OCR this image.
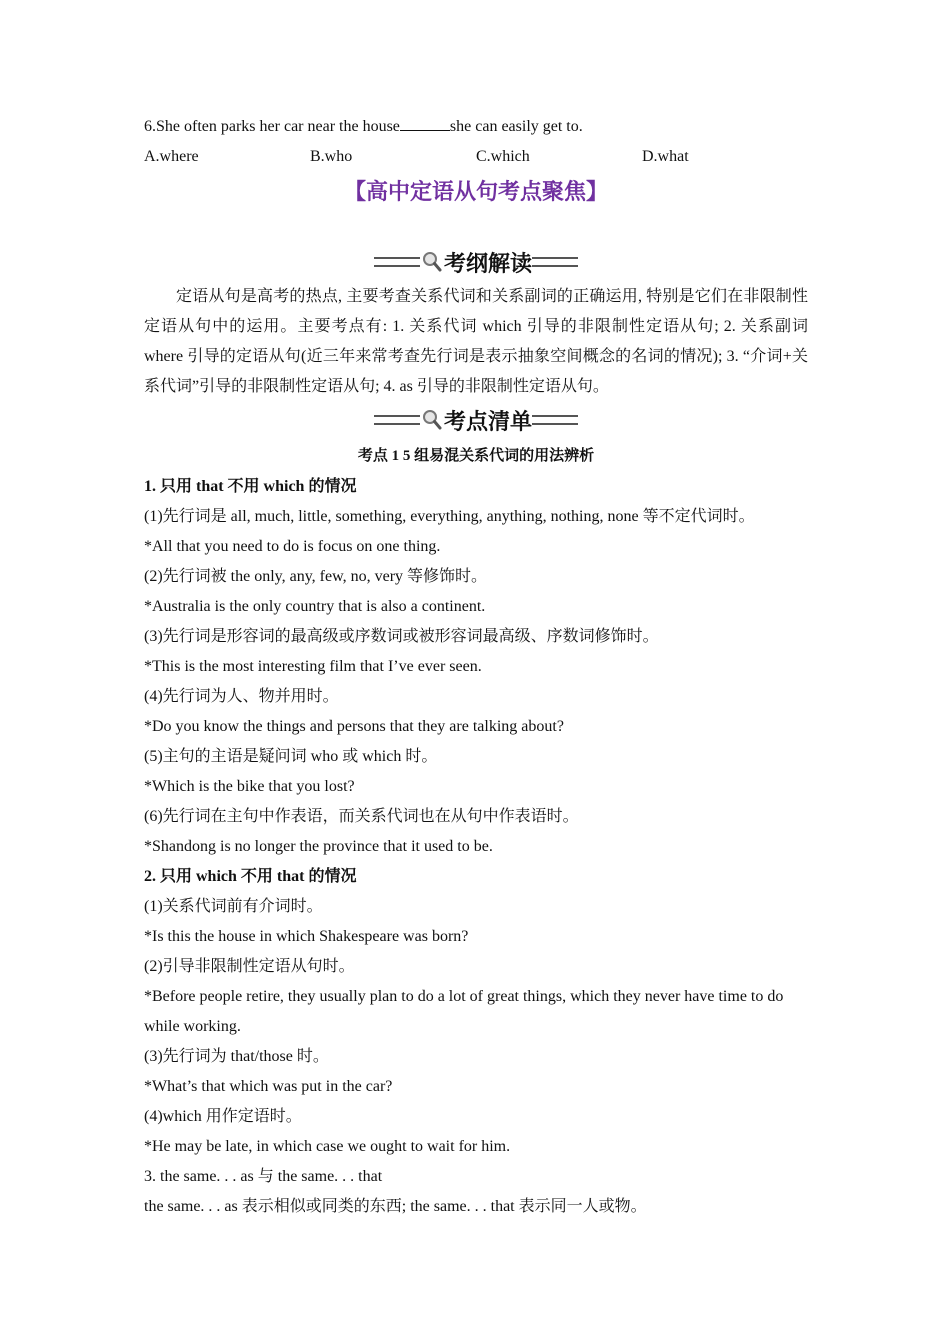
6.She often parks her car near the house	she can easily get to.
A.where	B.who	C.which	D.what
【高中定语从句考点聚焦】
考纲解读
定语从句是高考的热点, 主要考查关系代词和关系副词的正确运用, 特别是它们在非限制性定语从句中的运用。主要考点有: 1. 关系代词 which 引导的非限制性定语从句; 2. 关系副词 where 引导的定语从句(近三年来常考查先行词是表示抽象空间概念的名词的情况); 3. “介词+关系代词”引导的非限制性定语从句; 4. as 引导的非限制性定语从句。
考点清单
考点 1 5 组易混关系代词的用法辨析
1. 只用 that 不用 which 的情况
(1)先行词是 all, much, little, something, everything, anything, nothing, none 等不定代词时。
*All that you need to do is focus on one thing.
(2)先行词被 the only, any, few, no, very 等修饰时。
*Australia is the only country that is also a continent.
(3)先行词是形容词的最高级或序数词或被形容词最高级、序数词修饰时。
*This is the most interesting film that I’ve ever seen.
(4)先行词为人、物并用时。
*Do you know the things and persons that they are talking about?
(5)主句的主语是疑问词 who 或 which 时。
*Which is the bike that you lost?
(6)先行词在主句中作表语，而关系代词也在从句中作表语时。
*Shandong is no longer the province that it used to be.
2. 只用 which 不用 that 的情况
(1)关系代词前有介词时。
*Is this the house in which Shakespeare was born?
(2)引导非限制性定语从句时。
*Before people retire, they usually plan to do a lot of great things, which they never have time to do while working.
(3)先行词为 that/those 时。
*What’s that which was put in the car?
(4)which 用作定语时。
*He may be late, in which case we ought to wait for him.
3. the same. . . as 与 the same. . . that
the same. . . as 表示相似或同类的东西; the same. . . that 表示同一人或物。
